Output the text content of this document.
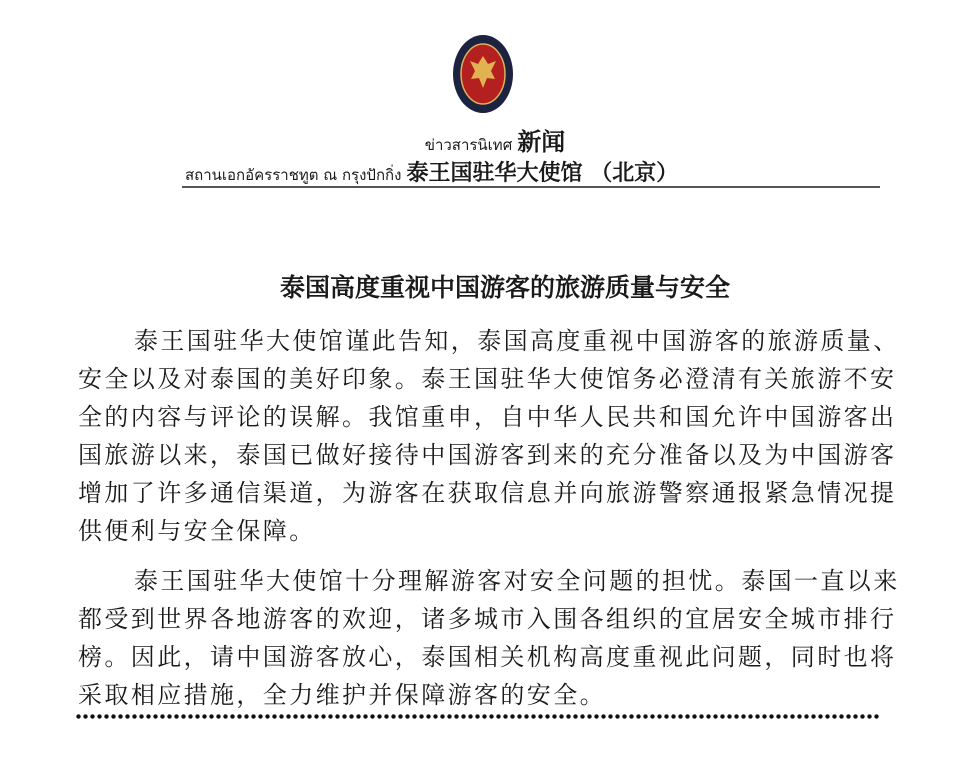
ข่าวสารนิเทศ 新闻
สถานเอกอัครราชทูต ณ กรุงปักกิ่ง 泰王国驻华大使馆 （北京）
泰国高度重视中国游客的旅游质量与安全
泰王国驻华大使馆谨此告知，泰国高度重视中国游客的旅游质量、
安全以及对泰国的美好印象。泰王国驻华大使馆务必澄清有关旅游不安
全的内容与评论的误解。我馆重申，自中华人民共和国允许中国游客出
国旅游以来，泰国已做好接待中国游客到来的充分准备以及为中国游客
增加了许多通信渠道，为游客在获取信息并向旅游警察通报紧急情况提
供便利与安全保障。
泰王国驻华大使馆十分理解游客对安全问题的担忧。泰国一直以来
都受到世界各地游客的欢迎，诸多城市入围各组织的宜居安全城市排行
榜。因此，请中国游客放心，泰国相关机构高度重视此问题，同时也将
采取相应措施，全力维护并保障游客的安全。
